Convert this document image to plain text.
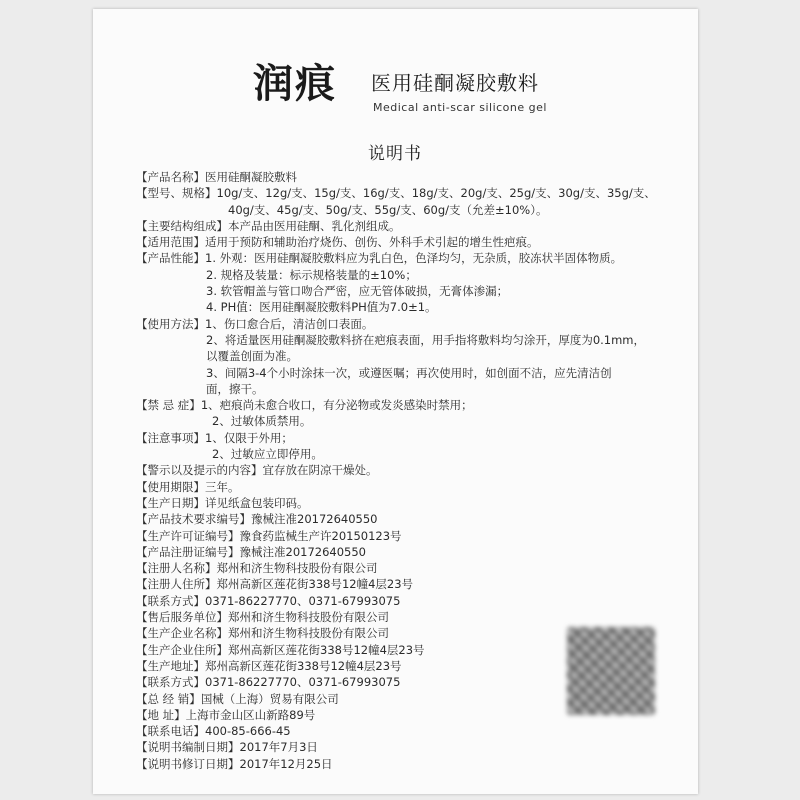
润痕 医用硅酮凝胶敷料
Medical anti-scar silicone gel
说明书
【产品名称】 医用硅酮凝胶敷料
【型号、规格】 10g/支、12g/支、15g/支、16g/支、18g/支、20g/支、25g/支、30g/支、35g/支、
40g/支、45g/支、50g/支、55g/支、60g/支（允差±10%）。
【主要结构组成】 本产品由医用硅酮、乳化剂组成。
【适用范围】 适用于预防和辅助治疗烧伤、创伤、外科手术引起的增生性疤痕。
【产品性能】 1. 外观：医用硅酮凝胶敷料应为乳白色，色泽均匀，无杂质，胶冻状半固体物质。
2. 规格及装量：标示规格装量的±10%；
3. 软管帽盖与管口吻合严密，应无管体破损，无膏体渗漏；
4. PH值：医用硅酮凝胶敷料PH值为7.0±1。
【使用方法】 1、伤口愈合后，清洁创口表面。
2、将适量医用硅酮凝胶敷料挤在疤痕表面，用手指将敷料均匀涂开，厚度为0.1mm，
以覆盖创面为准。
3、间隔3-4个小时涂抹一次，或遵医嘱；再次使用时，如创面不洁，应先清洁创
面，擦干。
【禁 忌 症】 1、疤痕尚未愈合收口，有分泌物或发炎感染时禁用；
2、过敏体质禁用。
【注意事项】 1、仅限于外用；
2、过敏应立即停用。
【警示以及提示的内容】 宜存放在阴凉干燥处。
【使用期限】 三年。
【生产日期】 详见纸盒包装印码。
【产品技术要求编号】 豫械注准20172640550
【生产许可证编号】 豫食药监械生产许20150123号
【产品注册证编号】 豫械注准20172640550
【注册人名称】 郑州和济生物科技股份有限公司
【注册人住所】 郑州高新区莲花街338号12幢4层23号
【联系方式】 0371-86227770、0371-67993075
【售后服务单位】 郑州和济生物科技股份有限公司
【生产企业名称】 郑州和济生物科技股份有限公司
【生产企业住所】 郑州高新区莲花街338号12幢4层23号
【生产地址】 郑州高新区莲花街338号12幢4层23号
【联系方式】 0371-86227770、0371-67993075
【总 经 销】 国械（上海）贸易有限公司
【地 址】 上海市金山区山新路89号
【联系电话】 400-85-666-45
【说明书编制日期】 2017年7月3日
【说明书修订日期】 2017年12月25日
